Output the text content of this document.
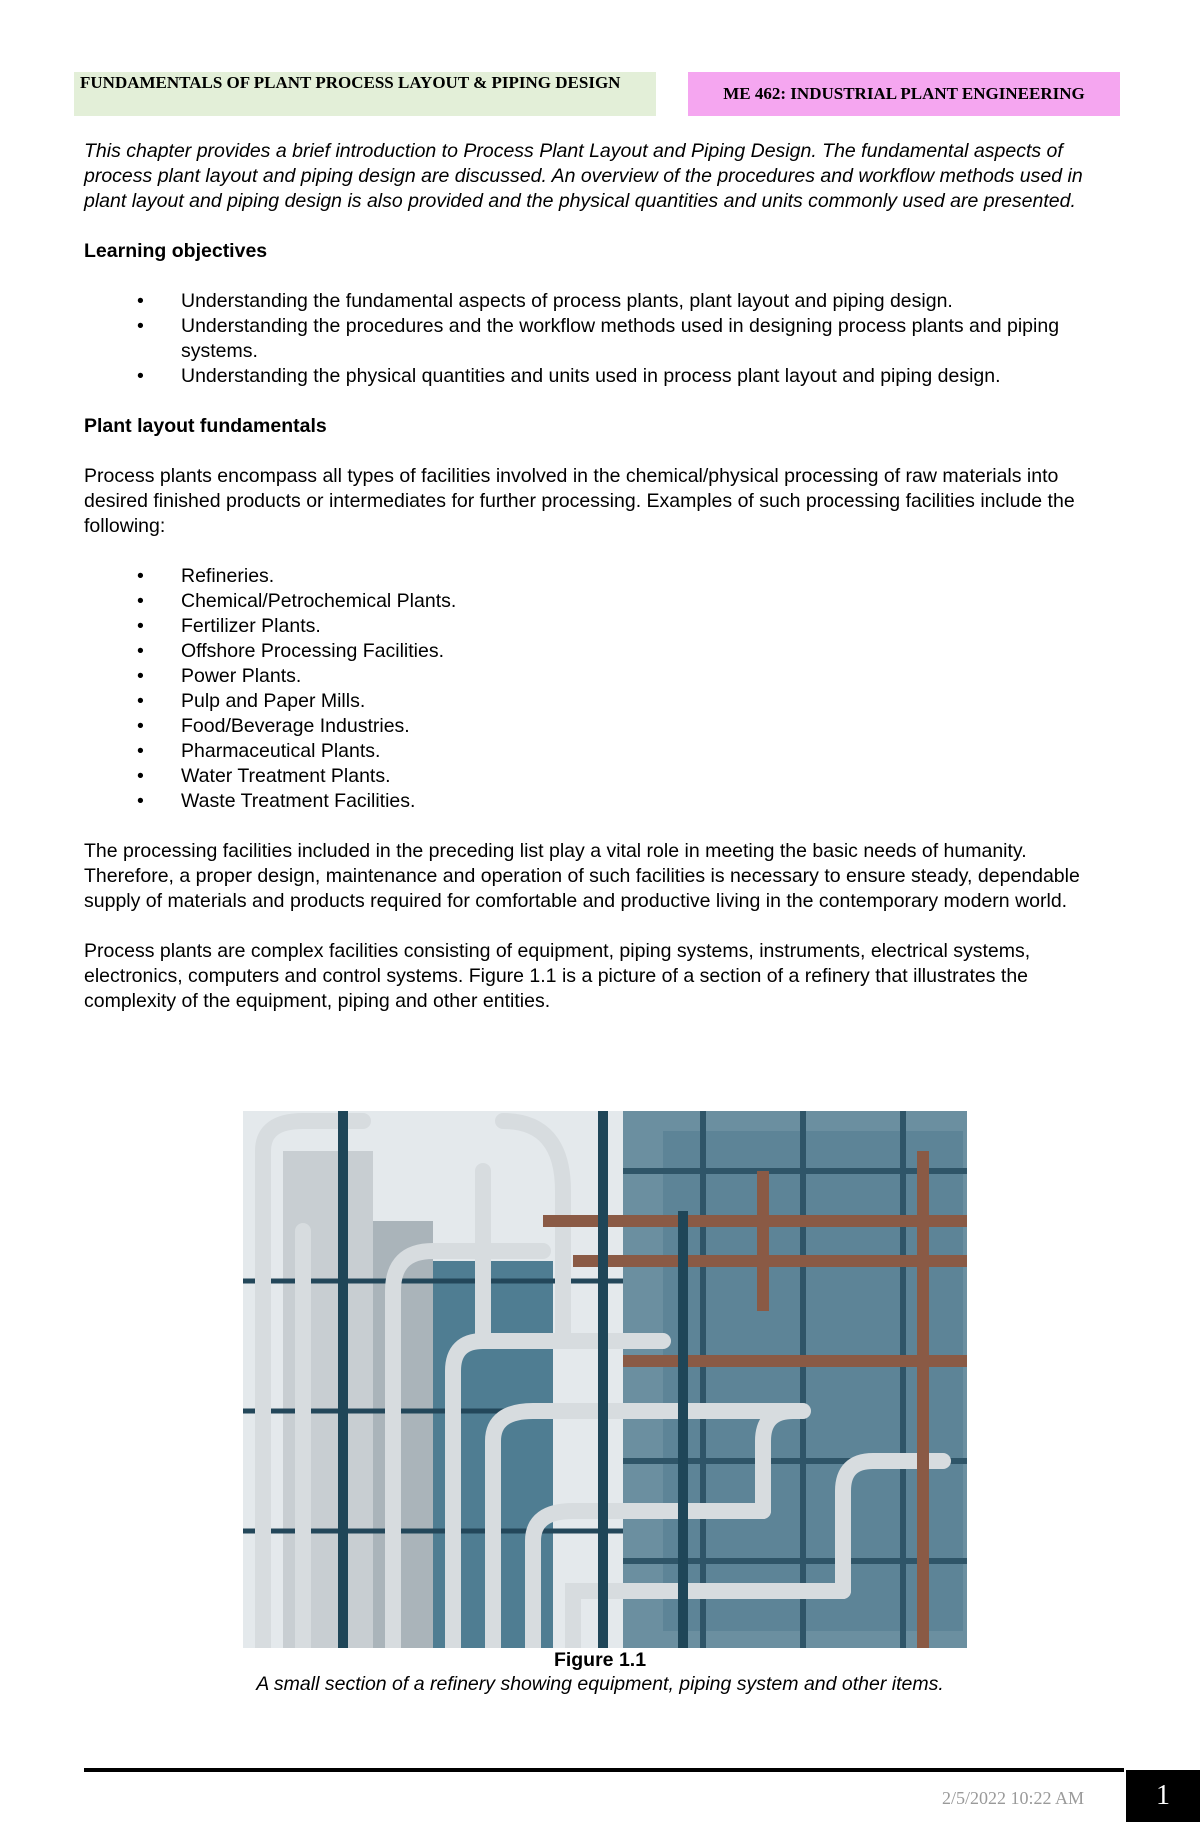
FUNDAMENTALS OF PLANT PROCESS LAYOUT & PIPING DESIGN
ME 462: INDUSTRIAL PLANT ENGINEERING

This chapter provides a brief introduction to Process Plant Layout and Piping Design. The fundamental aspects of process plant layout and piping design are discussed. An overview of the procedures and workflow methods used in plant layout and piping design is also provided and the physical quantities and units commonly used are presented.

Learning objectives
• Understanding the fundamental aspects of process plants, plant layout and piping design.
• Understanding the procedures and the workflow methods used in designing process plants and piping systems.
• Understanding the physical quantities and units used in process plant layout and piping design.
Plant layout fundamentals

Process plants encompass all types of facilities involved in the chemical/physical processing of raw materials into desired finished products or intermediates for further processing. Examples of such processing facilities include the following:

• Refineries.
• Chemical/Petrochemical Plants.
• Fertilizer Plants.
• Offshore Processing Facilities.
• Power Plants.
• Pulp and Paper Mills.
• Food/Beverage Industries.
• Pharmaceutical Plants.
• Water Treatment Plants.
• Waste Treatment Facilities.

The processing facilities included in the preceding list play a vital role in meeting the basic needs of humanity. Therefore, a proper design, maintenance and operation of such facilities is necessary to ensure steady, dependable supply of materials and products required for comfortable and productive living in the contemporary modern world.

Process plants are complex facilities consisting of equipment, piping systems, instruments, electrical systems, electronics, computers and control systems. Figure 1.1 is a picture of a section of a refinery that illustrates the complexity of the equipment, piping and other entities.

Figure 1.1
A small section of a refinery showing equipment, piping system and other items.
2/5/2022 10:22 AM	1
